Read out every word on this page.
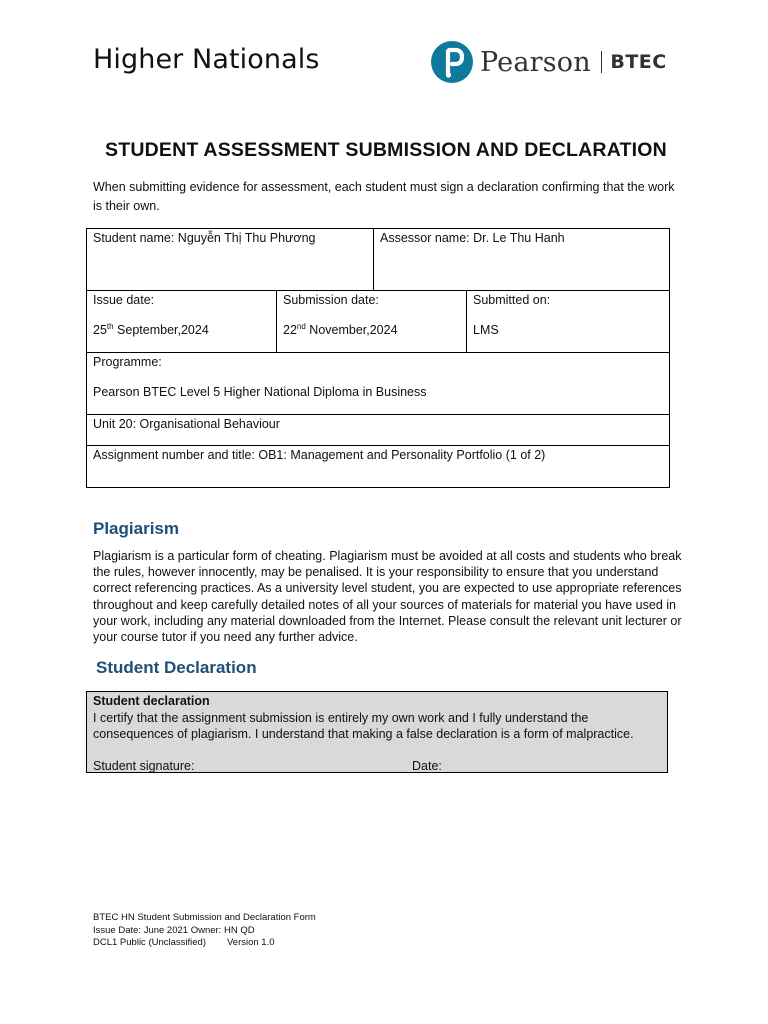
Higher Nationals	Pearson BTEC
STUDENT ASSESSMENT SUBMISSION AND DECLARATION
When submitting evidence for assessment, each student must sign a declaration confirming that the work is their own.
Student name: Nguyễn Thị Thu Phương	Assessor name: Dr. Le Thu Hanh
Issue date:
25th September,2024
Submission date:
22nd November,2024
Submitted on:
LMS
Programme:
Pearson BTEC Level 5 Higher National Diploma in Business
Unit 20: Organisational Behaviour
Assignment number and title: OB1: Management and Personality Portfolio (1 of 2)
Plagiarism
Plagiarism is a particular form of cheating. Plagiarism must be avoided at all costs and students who break the rules, however innocently, may be penalised. It is your responsibility to ensure that you understand correct referencing practices. As a university level student, you are expected to use appropriate references throughout and keep carefully detailed notes of all your sources of materials for material you have used in your work, including any material downloaded from the Internet. Please consult the relevant unit lecturer or your course tutor if you need any further advice.
Student Declaration
Student declaration
I certify that the assignment submission is entirely my own work and I fully understand the consequences of plagiarism. I understand that making a false declaration is a form of malpractice.
Student signature:	Date:
BTEC HN Student Submission and Declaration Form
Issue Date: June 2021 Owner: HN QD
DCL1 Public (Unclassified) Version 1.0
